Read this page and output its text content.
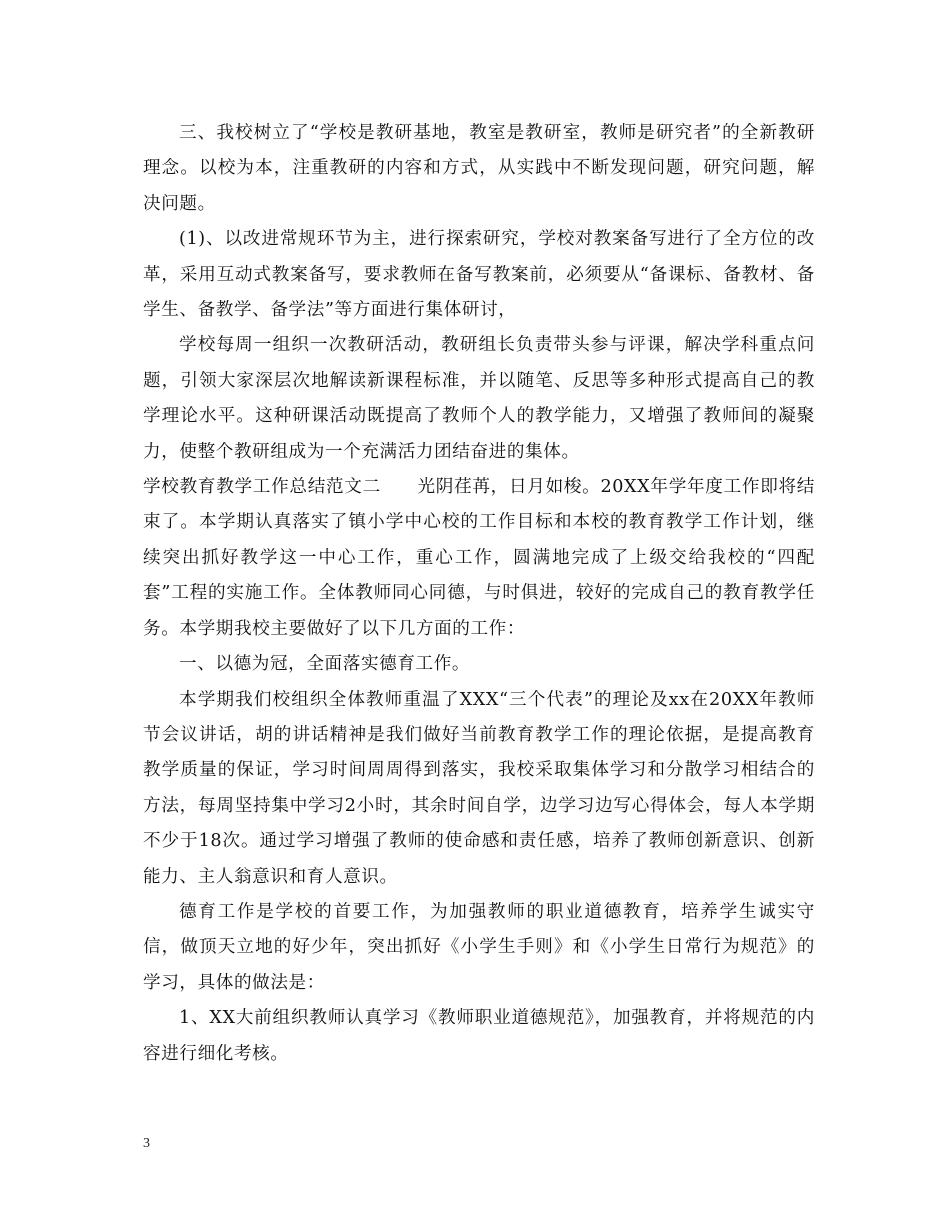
三、我校树立了“学校是教研基地，教室是教研室，教师是研究者”的全新教研理念。以校为本，注重教研的内容和方式，从实践中不断发现问题，研究问题，解决问题。

(1)、以改进常规环节为主，进行探索研究，学校对教案备写进行了全方位的改革，采用互动式教案备写，要求教师在备写教案前，必须要从“备课标、备教材、备学生、备教学、备学法”等方面进行集体研讨，

学校每周一组织一次教研活动，教研组长负责带头参与评课，解决学科重点问题，引领大家深层次地解读新课程标准，并以随笔、反思等多种形式提高自己的教学理论水平。这种研课活动既提高了教师个人的教学能力，又增强了教师间的凝聚力，使整个教研组成为一个充满活力团结奋进的集体。

学校教育教学工作总结范文二　　光阴荏苒，日月如梭。20XX年学年度工作即将结束了。本学期认真落实了镇小学中心校的工作目标和本校的教育教学工作计划，继续突出抓好教学这一中心工作，重心工作，圆满地完成了上级交给我校的“四配套”工程的实施工作。全体教师同心同德，与时俱进，较好的完成自己的教育教学任务。本学期我校主要做好了以下几方面的工作：

一、以德为冠，全面落实德育工作。

本学期我们校组织全体教师重温了XXX“三个代表”的理论及xx在20XX年教师节会议讲话，胡的讲话精神是我们做好当前教育教学工作的理论依据，是提高教育教学质量的保证，学习时间周周得到落实，我校采取集体学习和分散学习相结合的方法，每周坚持集中学习2小时，其余时间自学，边学习边写心得体会，每人本学期不少于18次。通过学习增强了教师的使命感和责任感，培养了教师创新意识、创新能力、主人翁意识和育人意识。

德育工作是学校的首要工作，为加强教师的职业道德教育，培养学生诚实守信，做顶天立地的好少年，突出抓好《小学生手则》和《小学生日常行为规范》的学习，具体的做法是：

1、XX大前组织教师认真学习《教师职业道德规范》，加强教育，并将规范的内容进行细化考核。

3
